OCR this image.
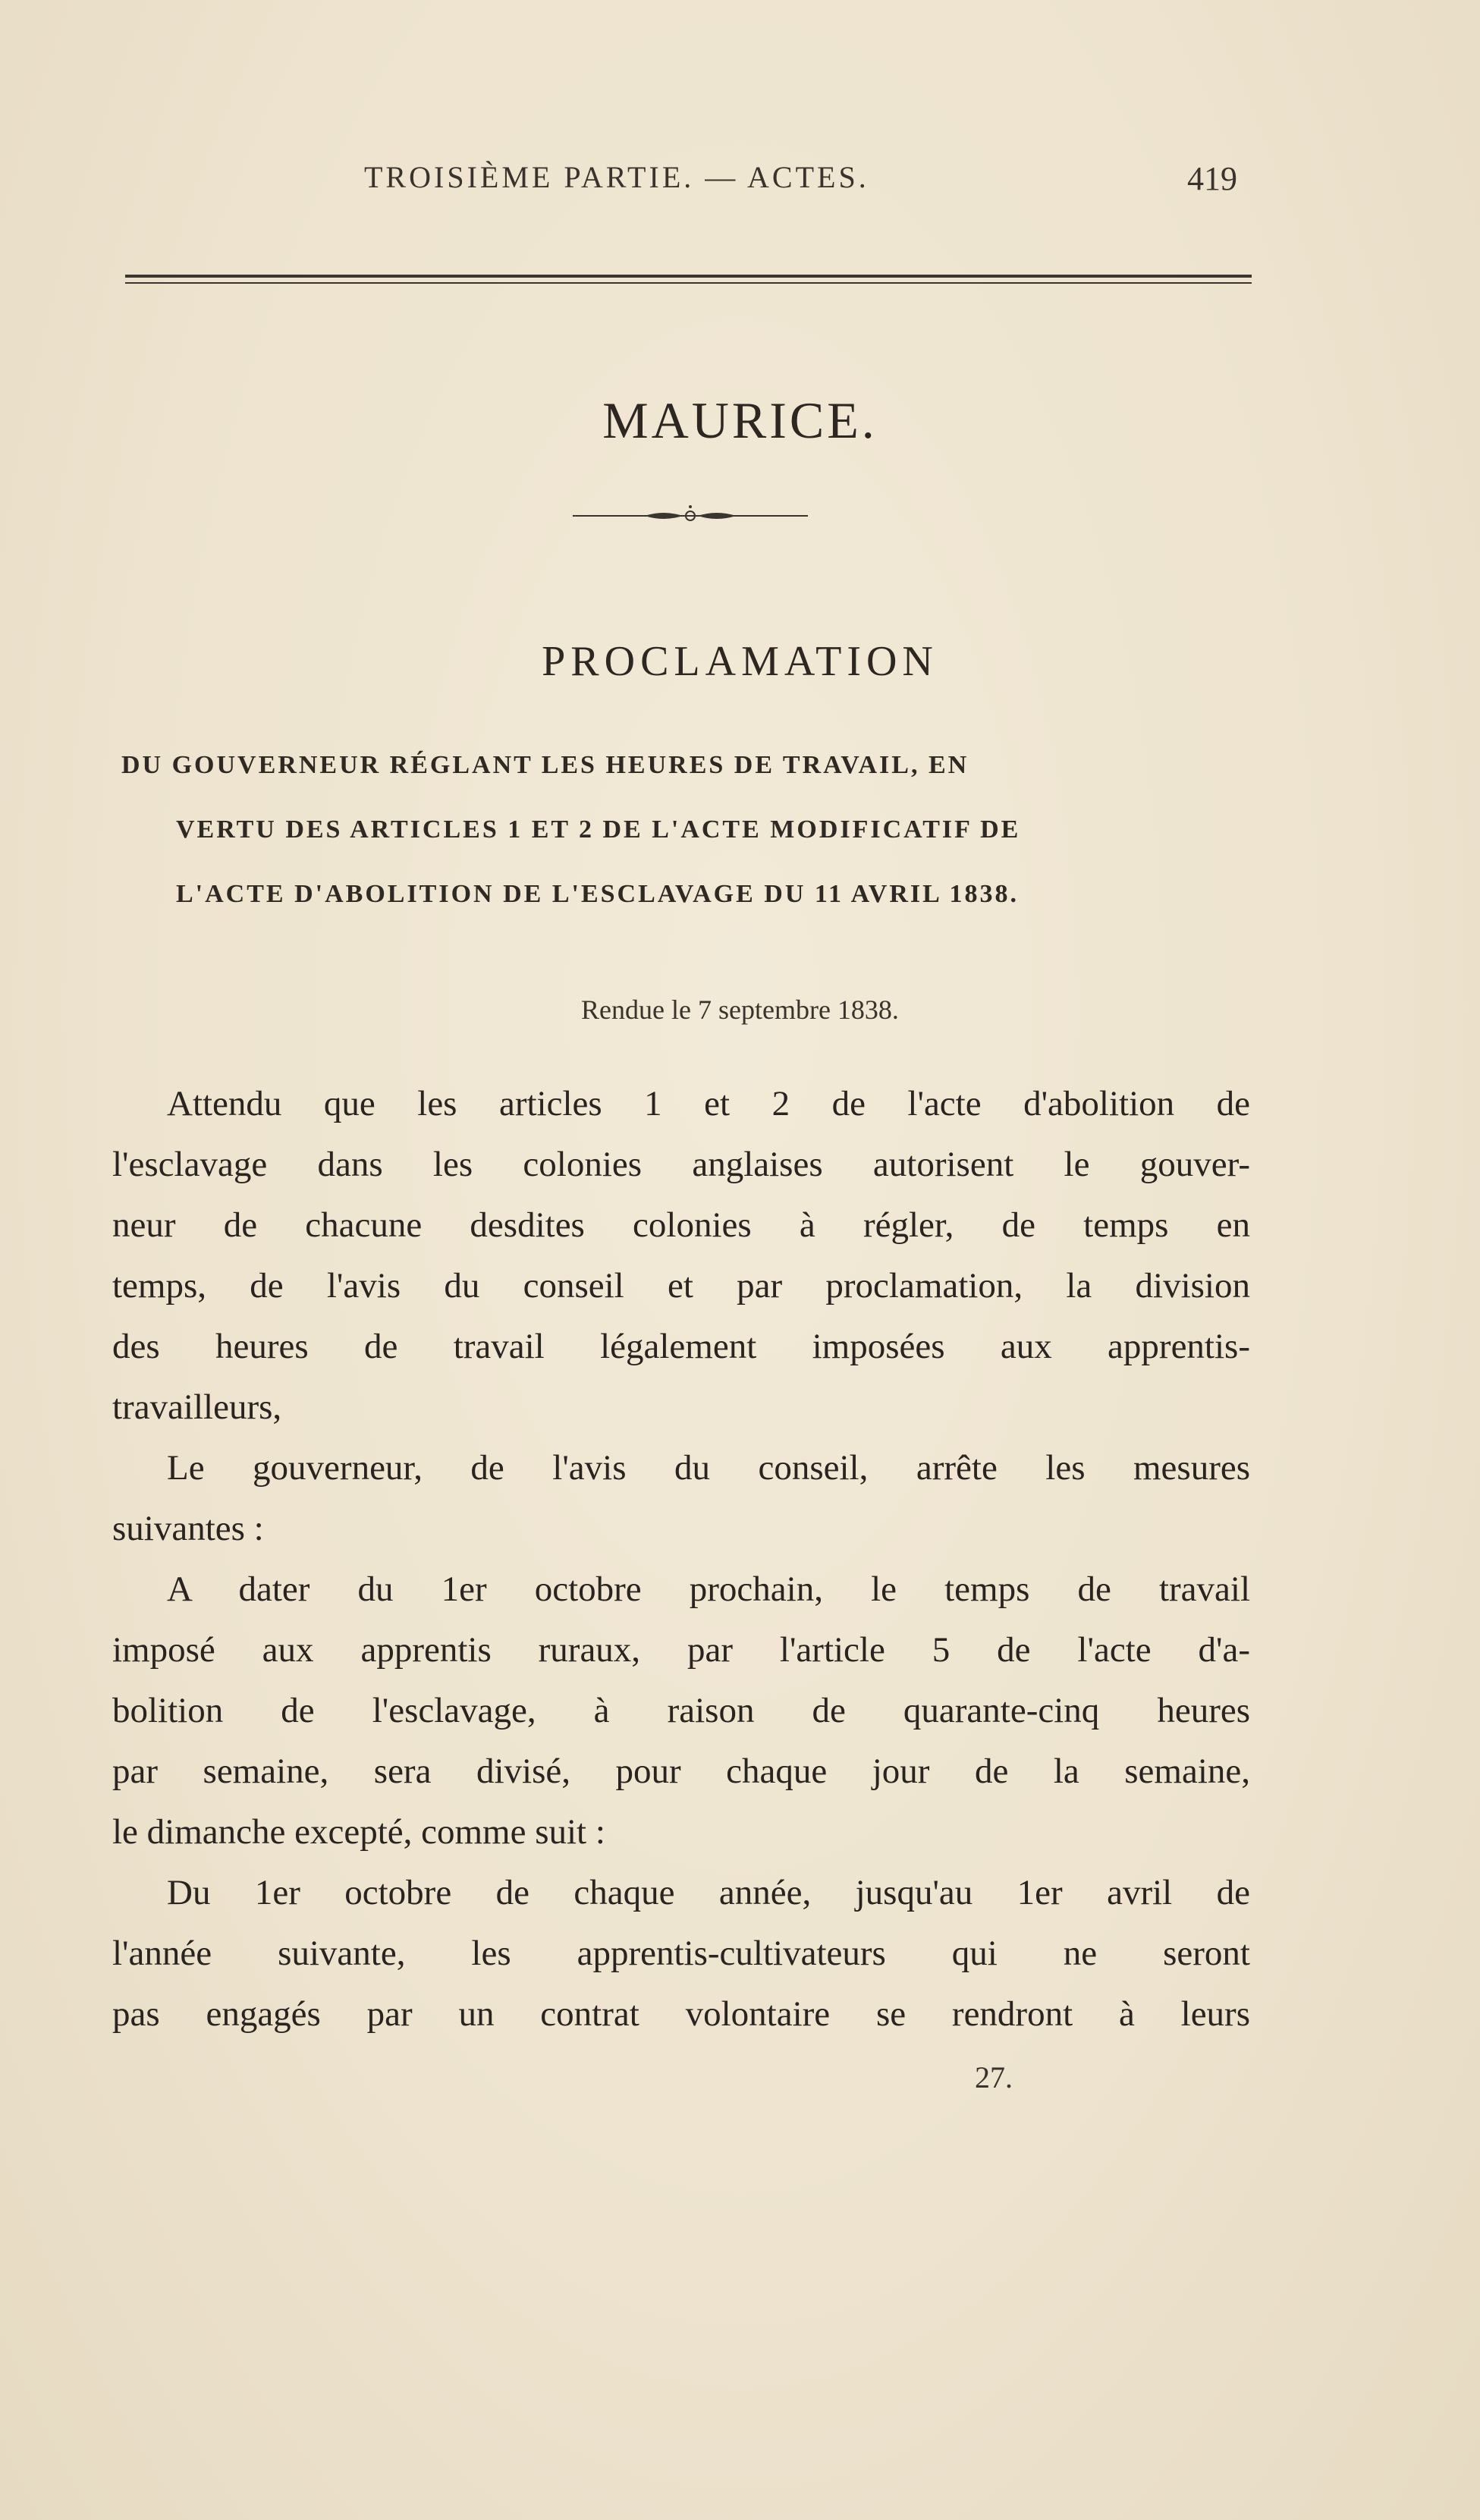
TROISIÈME PARTIE. — ACTES.	419
MAURICE.
PROCLAMATION
DU GOUVERNEUR RÉGLANT LES HEURES DE TRAVAIL, EN
VERTU DES ARTICLES 1 ET 2 DE L'ACTE MODIFICATIF DE
L'ACTE D'ABOLITION DE L'ESCLAVAGE DU 11 AVRIL 1838.
Rendue le 7 septembre 1838.
Attendu que les articles 1 et 2 de l'acte d'abolition de
l'esclavage dans les colonies anglaises autorisent le gouver-
neur de chacune desdites colonies à régler, de temps en
temps, de l'avis du conseil et par proclamation, la division
des heures de travail légalement imposées aux apprentis-
travailleurs,
Le gouverneur, de l'avis du conseil, arrête les mesures
suivantes :
A dater du 1er octobre prochain, le temps de travail
imposé aux apprentis ruraux, par l'article 5 de l'acte d'a-
bolition de l'esclavage, à raison de quarante-cinq heures
par semaine, sera divisé, pour chaque jour de la semaine,
le dimanche excepté, comme suit :
Du 1er octobre de chaque année, jusqu'au 1er avril de
l'année suivante, les apprentis-cultivateurs qui ne seront
pas engagés par un contrat volontaire se rendront à leurs
27.
